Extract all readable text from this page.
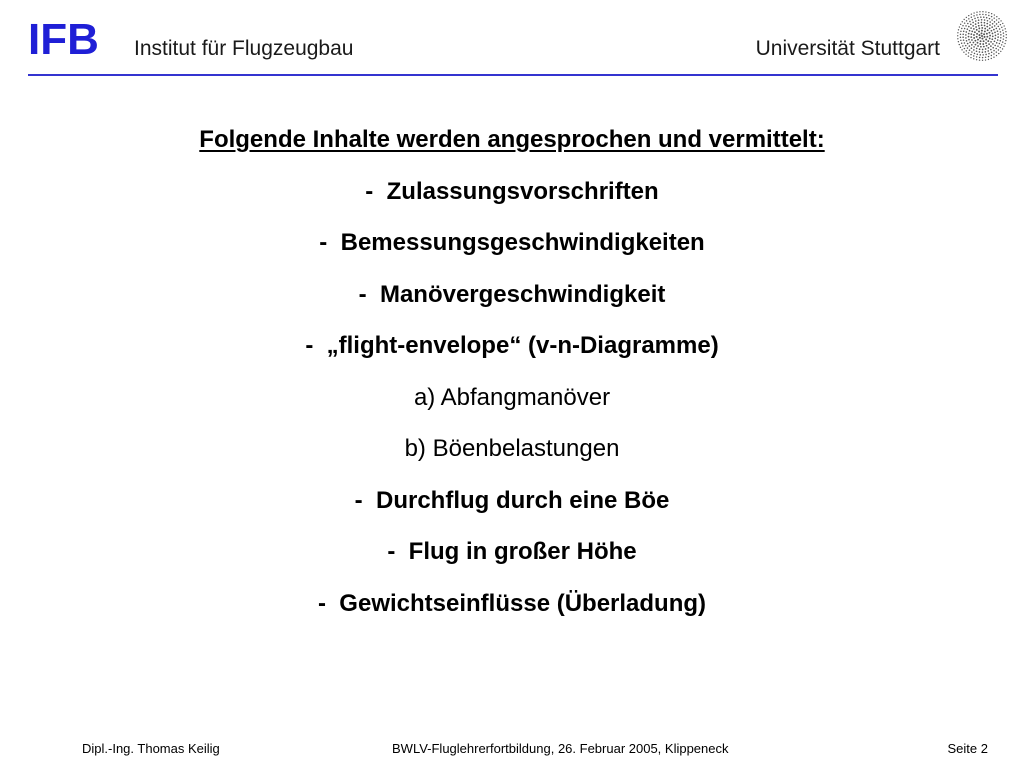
IFB Institut für Flugzeugbau	Universität Stuttgart
Folgende Inhalte werden angesprochen und vermittelt:
-  Zulassungsvorschriften
-  Bemessungsgeschwindigkeiten
-  Manövergeschwindigkeit
-  „flight-envelope“ (v-n-Diagramme)
a) Abfangmanöver
b) Böenbelastungen
-  Durchflug durch eine Böe
-  Flug in großer Höhe
-  Gewichtseinflüsse (Überladung)
Dipl.-Ing. Thomas Keilig	BWLV-Fluglehrerfortbildung, 26. Februar 2005, Klippeneck	Seite 2
